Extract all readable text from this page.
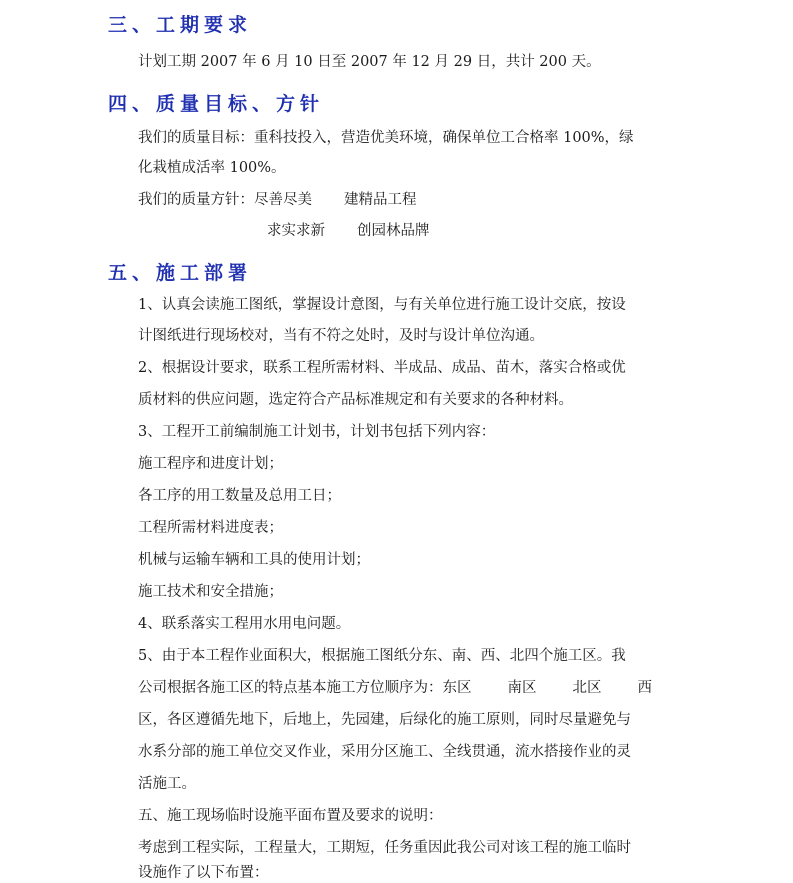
三、工期要求
计划工期 2007 年 6 月 10 日至 2007 年 12 月 29 日，共计 200 天。
四、质量目标、方针
我们的质量目标：重科技投入，营造优美环境，确保单位工合格率 100%，绿
化栽植成活率 100%。
我们的质量方针：尽善尽美 建精品工程
求实求新 创园林品牌
五、施工部署
1、认真会读施工图纸，掌握设计意图，与有关单位进行施工设计交底，按设
计图纸进行现场校对，当有不符之处时，及时与设计单位沟通。
2、根据设计要求，联系工程所需材料、半成品、成品、苗木，落实合格或优
质材料的供应问题，选定符合产品标准规定和有关要求的各种材料。
3、工程开工前编制施工计划书，计划书包括下列内容：
施工程序和进度计划；
各工序的用工数量及总用工日；
工程所需材料进度表；
机械与运输车辆和工具的使用计划；
施工技术和安全措施；
4、联系落实工程用水用电问题。
5、由于本工程作业面积大，根据施工图纸分东、南、西、北四个施工区。我
公司根据各施工区的特点基本施工方位顺序为：东区 南区 北区 西
区，各区遵循先地下，后地上，先园建，后绿化的施工原则，同时尽量避免与
水系分部的施工单位交叉作业，采用分区施工、全线贯通，流水搭接作业的灵
活施工。
五、施工现场临时设施平面布置及要求的说明：
考虑到工程实际，工程量大，工期短，任务重因此我公司对该工程的施工临时
设施作了以下布置：
